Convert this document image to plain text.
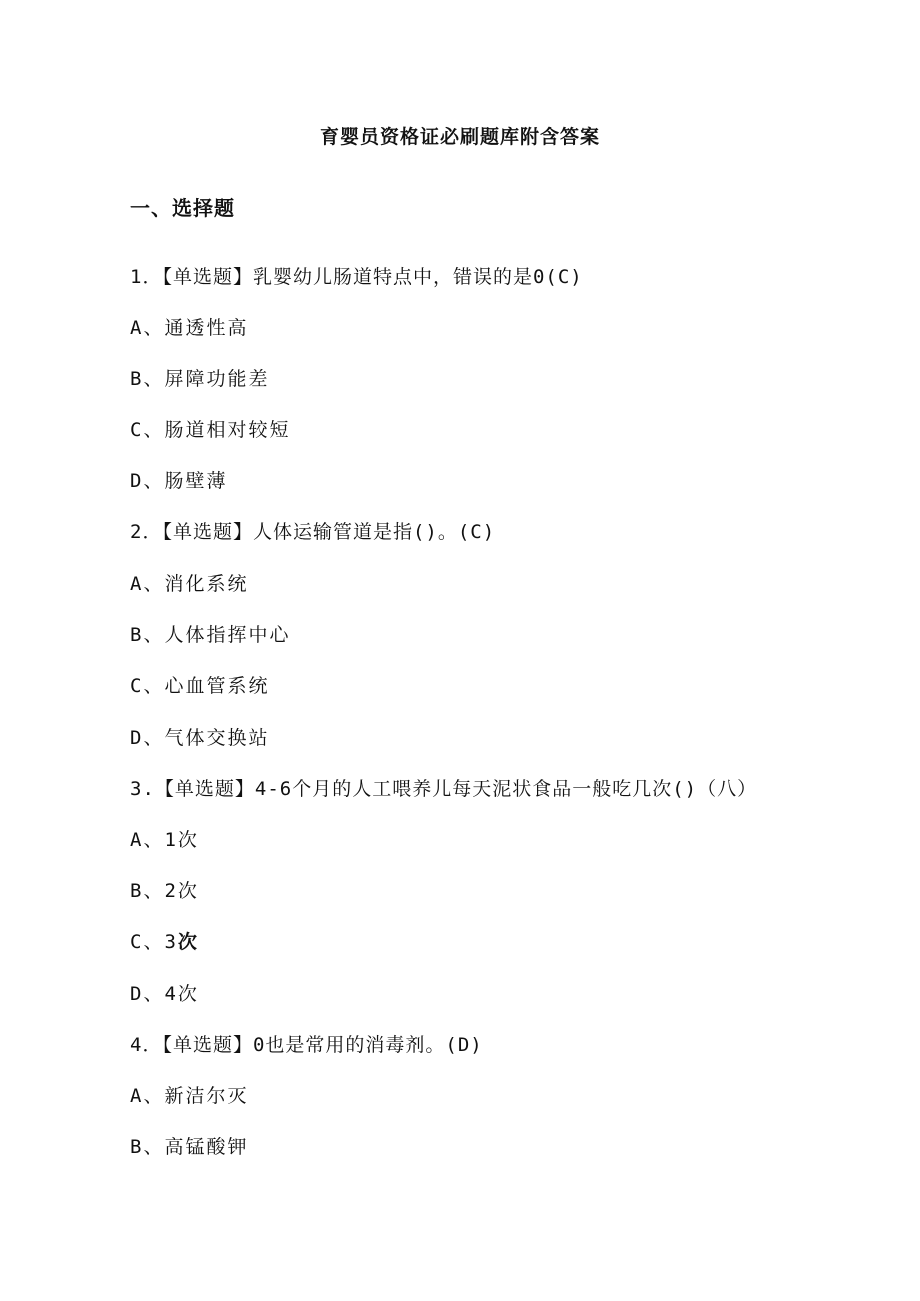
育婴员资格证必刷题库附含答案
一、选择题
1．【单选题】乳婴幼儿肠道特点中，错误的是0(C)
A、通透性高
B、屏障功能差
C、肠道相对较短
D、肠壁薄
2．【单选题】人体运输管道是指()。(C)
A、消化系统
B、人体指挥中心
C、心血管系统
D、气体交换站
3.【单选题】4-6个月的人工喂养儿每天泥状食品一般吃几次()（八）
A、1次
B、2次
C、3次
D、4次
4．【单选题】0也是常用的消毒剂。(D)
A、新洁尔灭
B、高锰酸钾
